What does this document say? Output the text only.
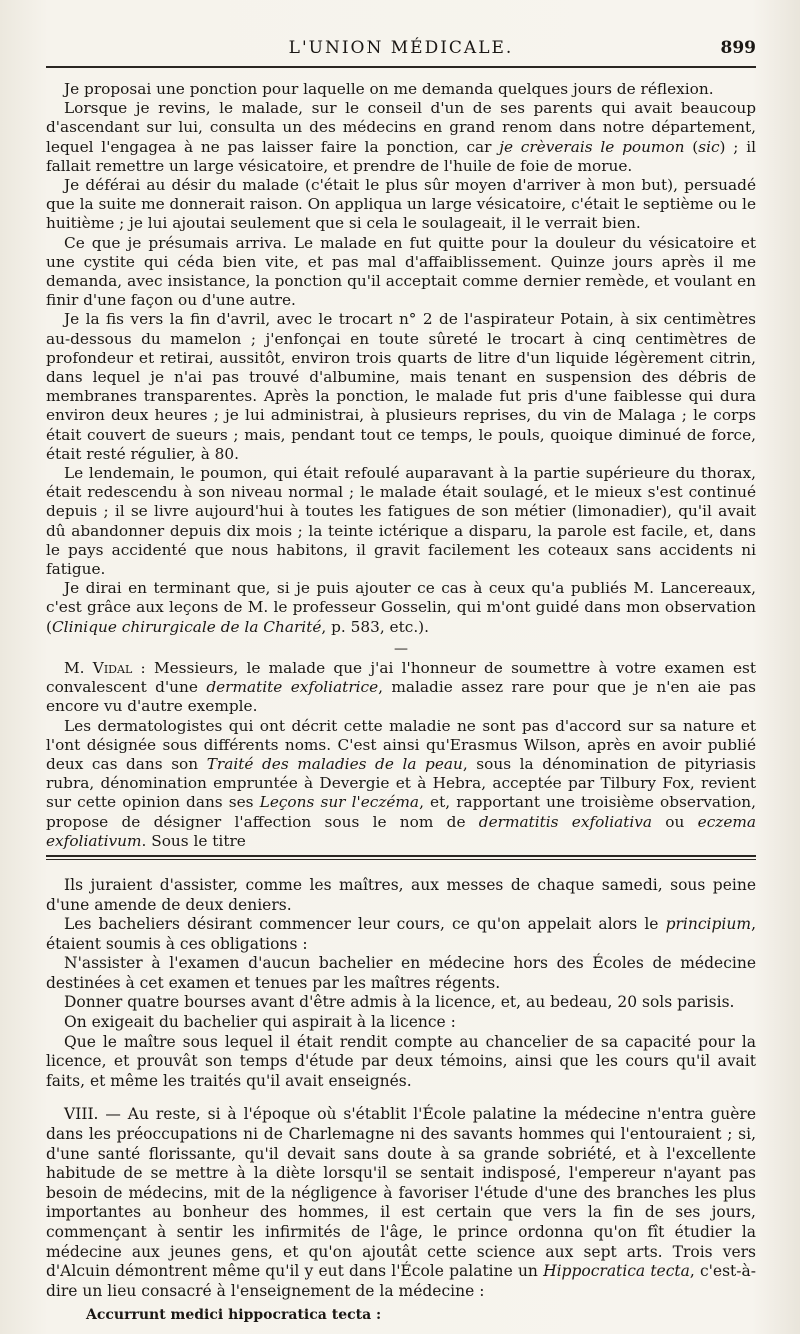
L'UNION MÉDICALE.	899

Je proposai une ponction pour laquelle on me demanda quelques jours de réflexion.

Lorsque je revins, le malade, sur le conseil d'un de ses parents qui avait beaucoup d'ascendant sur lui, consulta un des médecins en grand renom dans notre département, lequel l'engagea à ne pas laisser faire la ponction, car je crèverais le poumon (sic) ; il fallait remettre un large vésicatoire, et prendre de l'huile de foie de morue.

Je déférai au désir du malade (c'était le plus sûr moyen d'arriver à mon but), persuadé que la suite me donnerait raison. On appliqua un large vésicatoire, c'était le septième ou le huitième ; je lui ajoutai seulement que si cela le soulageait, il le verrait bien.

Ce que je présumais arriva. Le malade en fut quitte pour la douleur du vésicatoire et une cystite qui céda bien vite, et pas mal d'affaiblissement. Quinze jours après il me demanda, avec insistance, la ponction qu'il acceptait comme dernier remède, et voulant en finir d'une façon ou d'une autre.

Je la fis vers la fin d'avril, avec le trocart n° 2 de l'aspirateur Potain, à six centimètres au-dessous du mamelon ; j'enfonçai en toute sûreté le trocart à cinq centimètres de profondeur et retirai, aussitôt, environ trois quarts de litre d'un liquide légèrement citrin, dans lequel je n'ai pas trouvé d'albumine, mais tenant en suspension des débris de membranes transparentes. Après la ponction, le malade fut pris d'une faiblesse qui dura environ deux heures ; je lui administrai, à plusieurs reprises, du vin de Malaga ; le corps était couvert de sueurs ; mais, pendant tout ce temps, le pouls, quoique diminué de force, était resté régulier, à 80.

Le lendemain, le poumon, qui était refoulé auparavant à la partie supérieure du thorax, était redescendu à son niveau normal ; le malade était soulagé, et le mieux s'est continué depuis ; il se livre aujourd'hui à toutes les fatigues de son métier (limonadier), qu'il avait dû abandonner depuis dix mois ; la teinte ictérique a disparu, la parole est facile, et, dans le pays accidenté que nous habitons, il gravit facilement les coteaux sans accidents ni fatigue.

Je dirai en terminant que, si je puis ajouter ce cas à ceux qu'a publiés M. Lancereaux, c'est grâce aux leçons de M. le professeur Gosselin, qui m'ont guidé dans mon observation (Clinique chirurgicale de la Charité, p. 583, etc.).

—

M. Vidal : Messieurs, le malade que j'ai l'honneur de soumettre à votre examen est convalescent d'une dermatite exfoliatrice, maladie assez rare pour que je n'en aie pas encore vu d'autre exemple.

Les dermatologistes qui ont décrit cette maladie ne sont pas d'accord sur sa nature et l'ont désignée sous différents noms. C'est ainsi qu'Erasmus Wilson, après en avoir publié deux cas dans son Traité des maladies de la peau, sous la dénomination de pityriasis rubra, dénomination empruntée à Devergie et à Hebra, acceptée par Tilbury Fox, revient sur cette opinion dans ses Leçons sur l'eczéma, et, rapportant une troisième observation, propose de désigner l'affection sous le nom de dermatitis exfoliativa ou eczema exfoliativum. Sous le titre

Ils juraient d'assister, comme les maîtres, aux messes de chaque samedi, sous peine d'une amende de deux deniers.

Les bacheliers désirant commencer leur cours, ce qu'on appelait alors le principium, étaient soumis à ces obligations :

N'assister à l'examen d'aucun bachelier en médecine hors des Écoles de médecine destinées à cet examen et tenues par les maîtres régents.

Donner quatre bourses avant d'être admis à la licence, et, au bedeau, 20 sols parisis.

On exigeait du bachelier qui aspirait à la licence :

Que le maître sous lequel il était rendit compte au chancelier de sa capacité pour la licence, et prouvât son temps d'étude par deux témoins, ainsi que les cours qu'il avait faits, et même les traités qu'il avait enseignés.

VIII. — Au reste, si à l'époque où s'établit l'École palatine la médecine n'entra guère dans les préoccupations ni de Charlemagne ni des savants hommes qui l'entouraient ; si, d'une santé florissante, qu'il devait sans doute à sa grande sobriété, et à l'excellente habitude de se mettre à la diète lorsqu'il se sentait indisposé, l'empereur n'ayant pas besoin de médecins, mit de la négligence à favoriser l'étude d'une des branches les plus importantes au bonheur des hommes, il est certain que vers la fin de ses jours, commençant à sentir les infirmités de l'âge, le prince ordonna qu'on fît étudier la médecine aux jeunes gens, et qu'on ajoutât cette science aux sept arts. Trois vers d'Alcuin démontrent même qu'il y eut dans l'École palatine un Hippocratica tecta, c'est-à-dire un lieu consacré à l'enseignement de la médecine :

Accurrunt medici hippocratica tecta :
